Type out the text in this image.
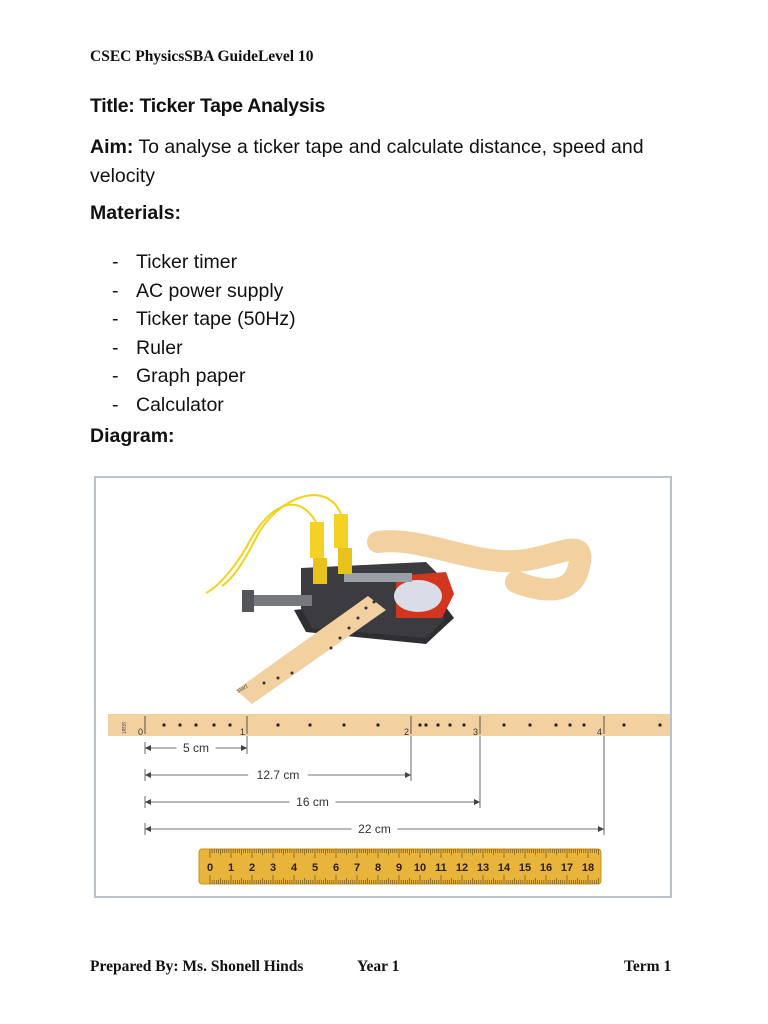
CSEC PhysicsSBA GuideLevel 10
Title: Ticker Tape Analysis
Aim: To analyse a ticker tape and calculate distance, speed and velocity
Materials:
- Ticker timer
- AC power supply
- Ticker tape (50Hz)
- Ruler
- Graph paper
- Calculator
Diagram:
start
start 0	1	2	3	4
5 cm
12.7 cm
16 cm
22 cm
0 1 2 3 4 5 6 7 8 9 10 11 12 13 14 15 16 17 18
Prepared By: Ms. Shonell Hinds	Year 1	Term 1
